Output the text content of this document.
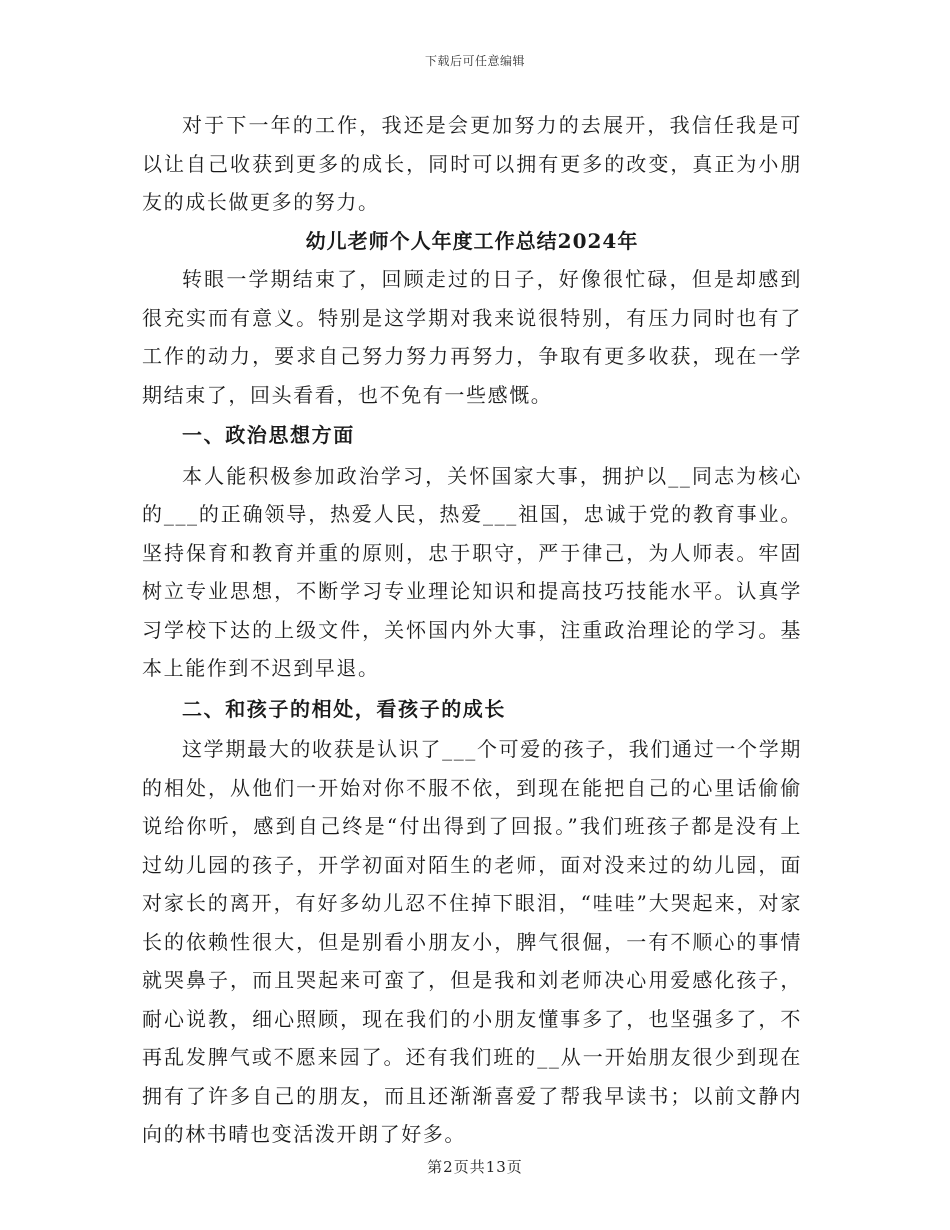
下载后可任意编辑

对于下一年的工作，我还是会更加努力的去展开，我信任我是可以让自己收获到更多的成长，同时可以拥有更多的改变，真正为小朋友的成长做更多的努力。

幼儿老师个人年度工作总结2024年

转眼一学期结束了，回顾走过的日子，好像很忙碌，但是却感到很充实而有意义。特别是这学期对我来说很特别，有压力同时也有了工作的动力，要求自己努力努力再努力，争取有更多收获，现在一学期结束了，回头看看，也不免有一些感慨。

一、政治思想方面

本人能积极参加政治学习，关怀国家大事，拥护以__同志为核心的___的正确领导，热爱人民，热爱___祖国，忠诚于党的教育事业。坚持保育和教育并重的原则，忠于职守，严于律己，为人师表。牢固树立专业思想，不断学习专业理论知识和提高技巧技能水平。认真学习学校下达的上级文件，关怀国内外大事，注重政治理论的学习。基本上能作到不迟到早退。

二、和孩子的相处，看孩子的成长

这学期最大的收获是认识了___个可爱的孩子，我们通过一个学期的相处，从他们一开始对你不服不依，到现在能把自己的心里话偷偷说给你听，感到自己终是“付出得到了回报。”我们班孩子都是没有上过幼儿园的孩子，开学初面对陌生的老师，面对没来过的幼儿园，面对家长的离开，有好多幼儿忍不住掉下眼泪，“哇哇”大哭起来，对家长的依赖性很大，但是别看小朋友小，脾气很倔，一有不顺心的事情就哭鼻子，而且哭起来可蛮了，但是我和刘老师决心用爱感化孩子，耐心说教，细心照顾，现在我们的小朋友懂事多了，也坚强多了，不再乱发脾气或不愿来园了。还有我们班的__从一开始朋友很少到现在拥有了许多自己的朋友，而且还渐渐喜爱了帮我早读书；以前文静内向的林书晴也变活泼开朗了好多。

第2页共13页
